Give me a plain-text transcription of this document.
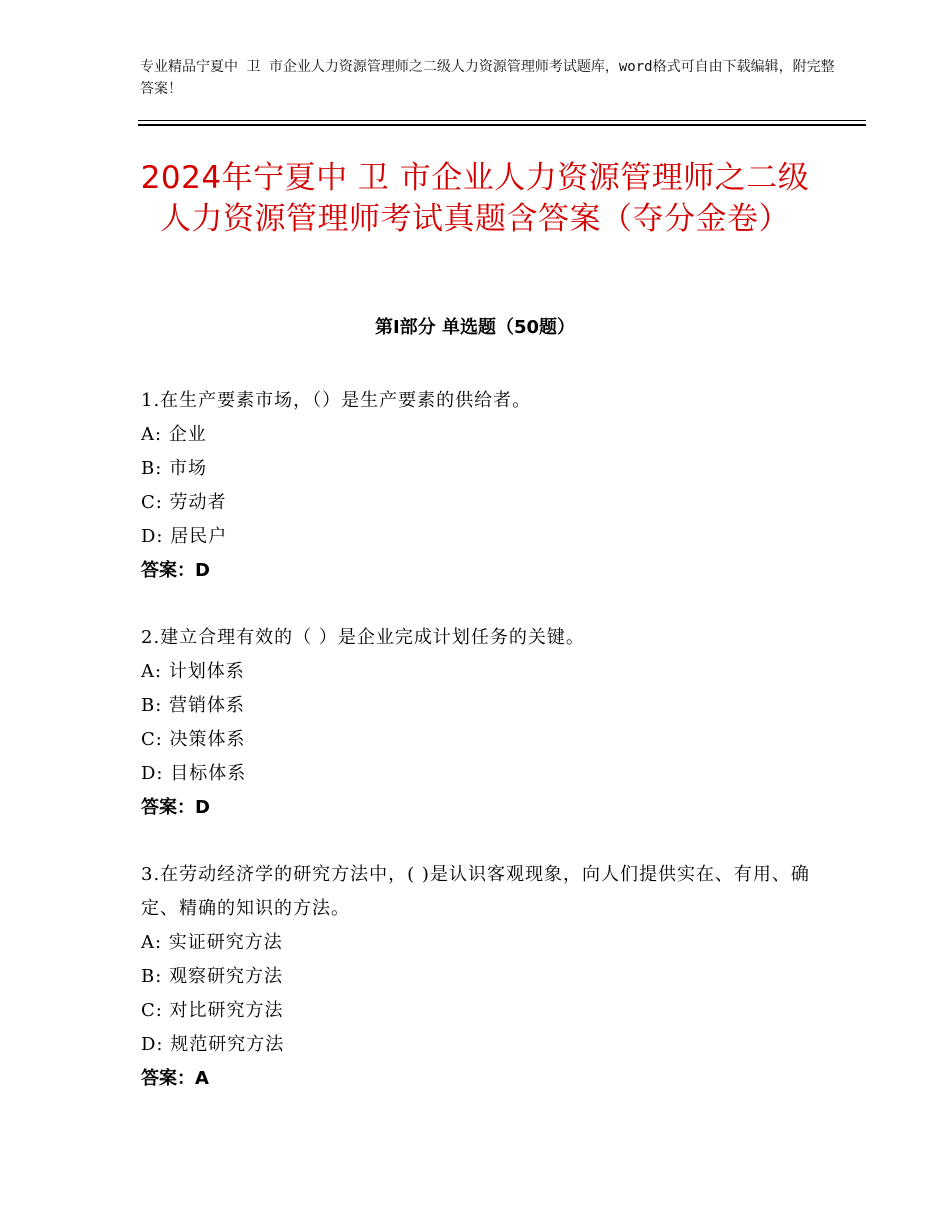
专业精品宁夏中 卫 市企业人力资源管理师之二级人力资源管理师考试题库，word格式可自由下载编辑，附完整答案！
2024年宁夏中 卫 市企业人力资源管理师之二级人力资源管理师考试真题含答案（夺分金卷）
第Ⅰ部分 单选题（50题）
1.在生产要素市场，（）是生产要素的供给者。
A: 企业
B: 市场
C: 劳动者
D: 居民户
答案：D
2.建立合理有效的（ ）是企业完成计划任务的关键。
A: 计划体系
B: 营销体系
C: 决策体系
D: 目标体系
答案：D
3.在劳动经济学的研究方法中，( )是认识客观现象，向人们提供实在、有用、确定、精确的知识的方法。
A: 实证研究方法
B: 观察研究方法
C: 对比研究方法
D: 规范研究方法
答案：A
